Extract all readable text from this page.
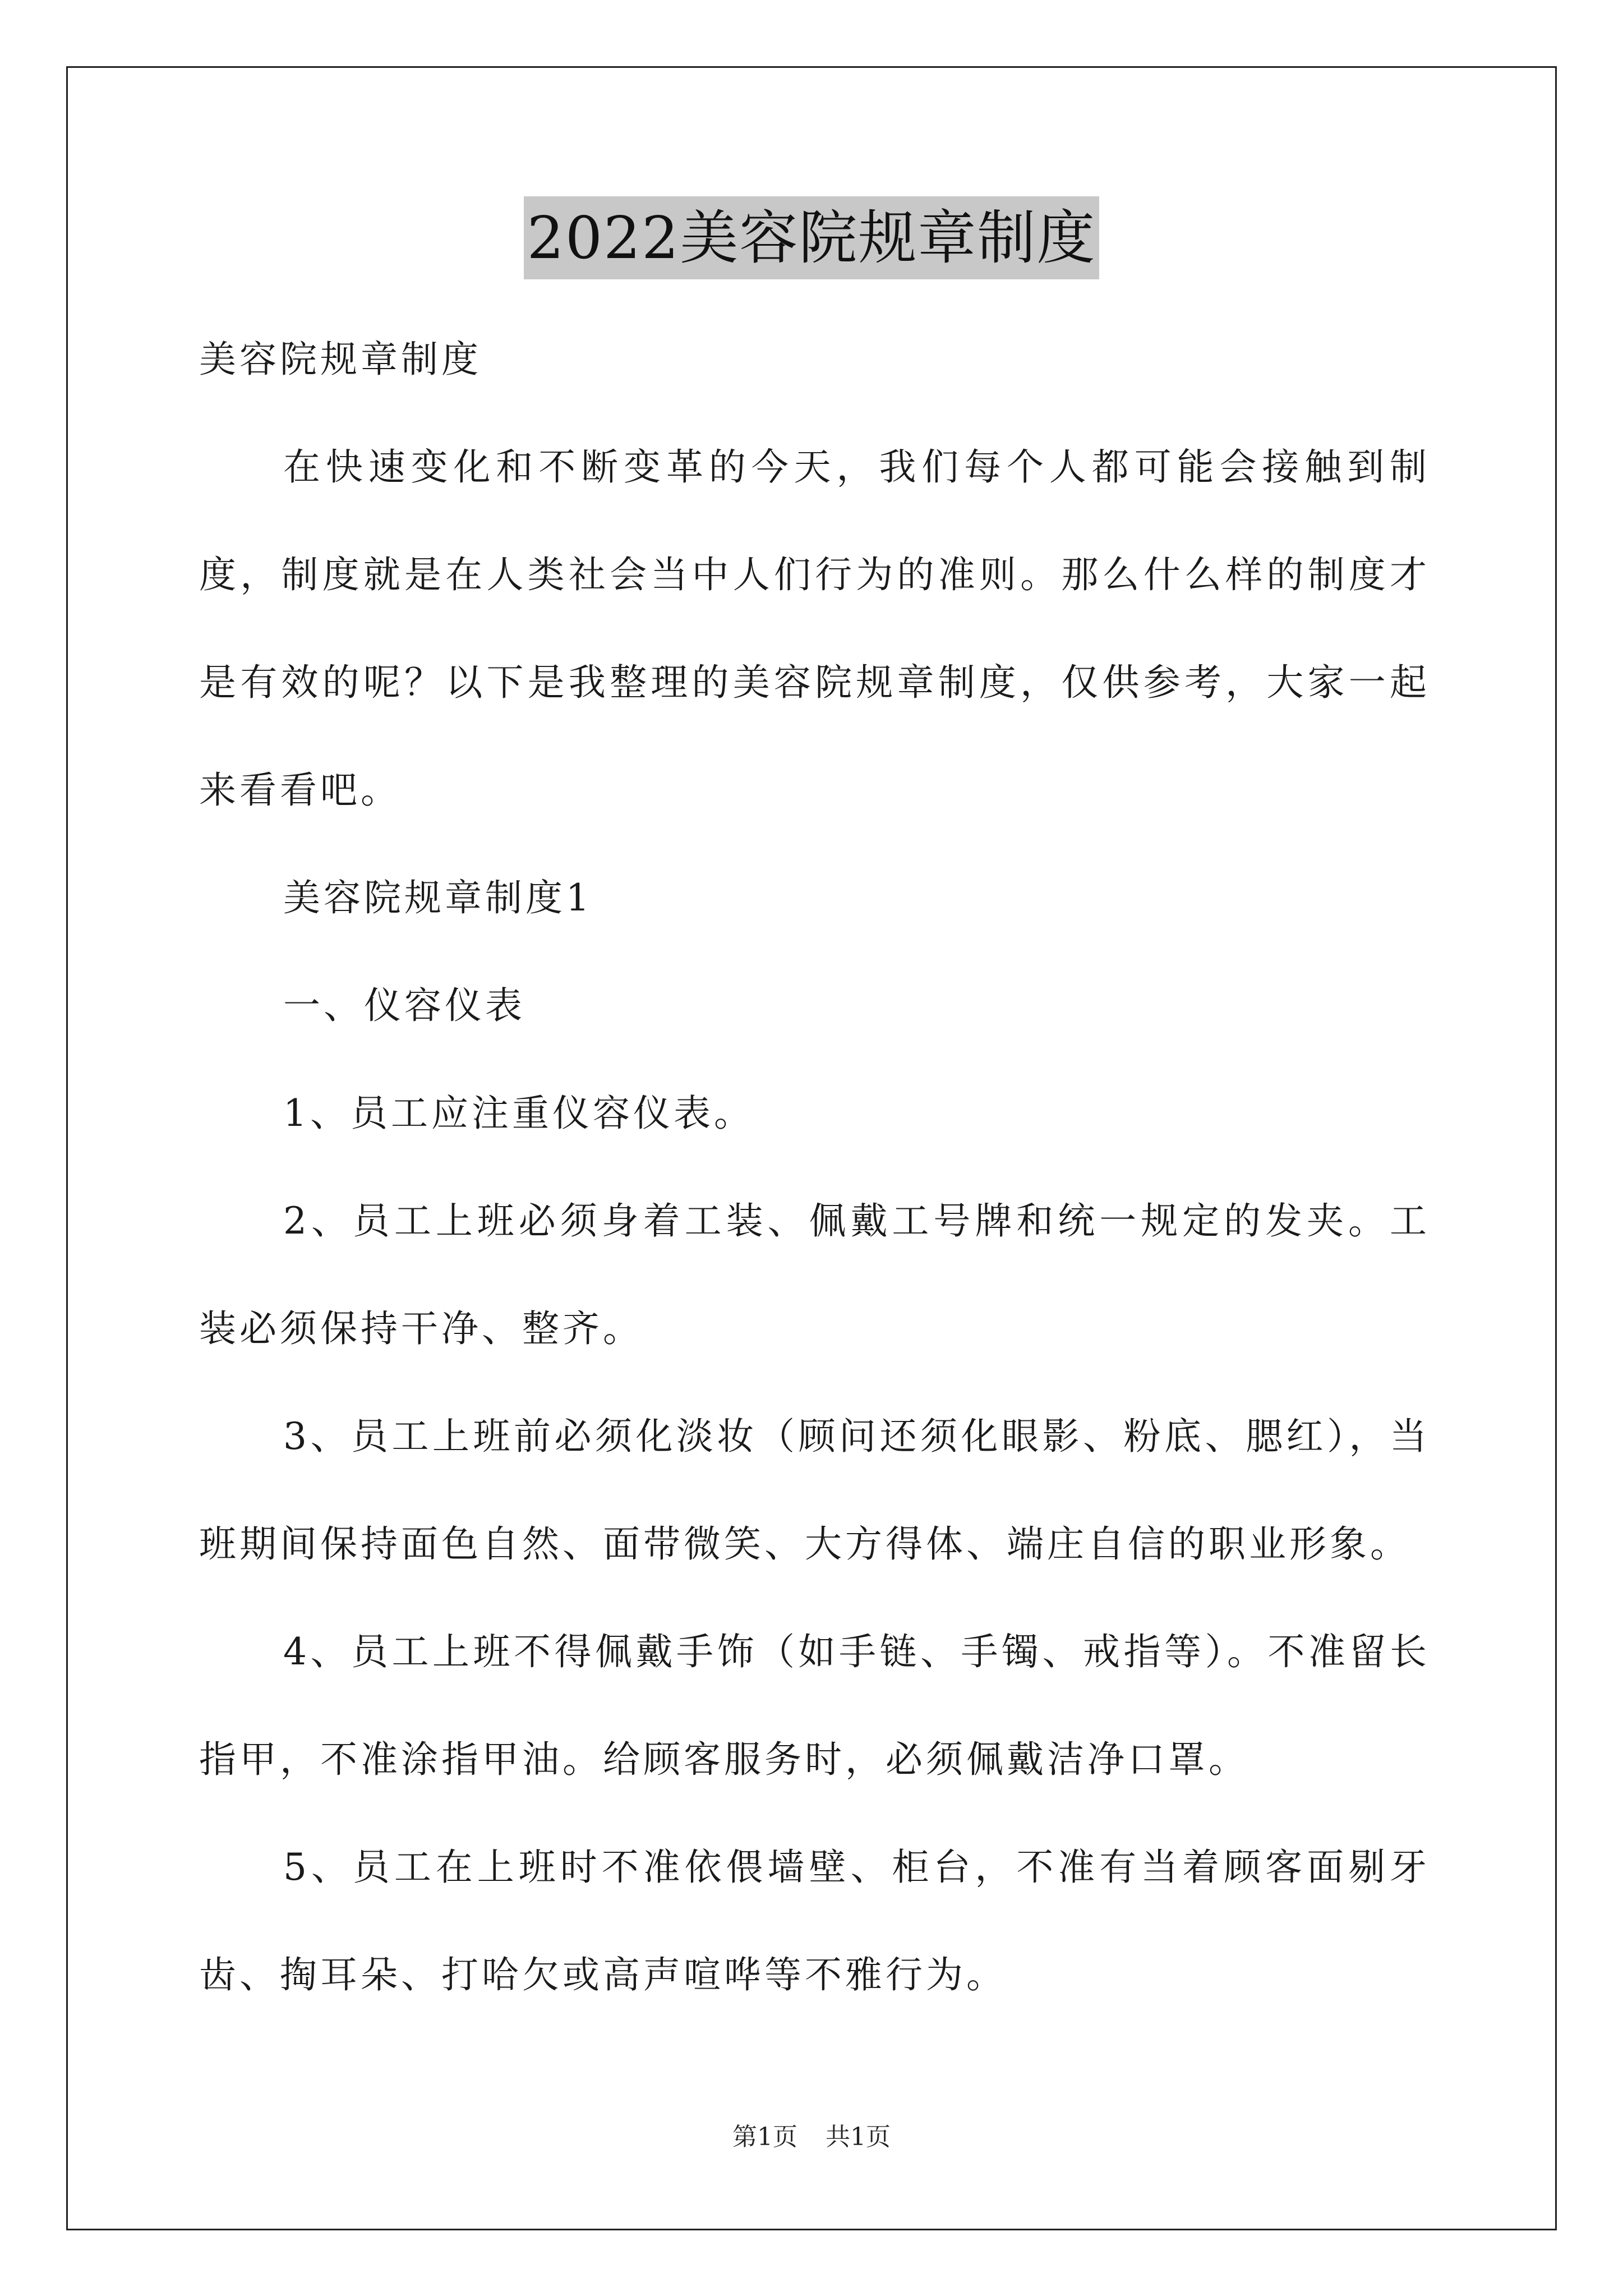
2022美容院规章制度

美容院规章制度

在快速变化和不断变革的今天，我们每个人都可能会接触到制度，制度就是在人类社会当中人们行为的准则。那么什么样的制度才是有效的呢？以下是我整理的美容院规章制度，仅供参考，大家一起来看看吧。

美容院规章制度1

一、仪容仪表

1、员工应注重仪容仪表。

2、员工上班必须身着工装、佩戴工号牌和统一规定的发夹。工装必须保持干净、整齐。

3、员工上班前必须化淡妆（顾问还须化眼影、粉底、腮红），当班期间保持面色自然、面带微笑、大方得体、端庄自信的职业形象。

4、员工上班不得佩戴手饰（如手链、手镯、戒指等）。不准留长指甲，不准涂指甲油。给顾客服务时，必须佩戴洁净口罩。

5、员工在上班时不准依偎墙壁、柜台，不准有当着顾客面剔牙齿、掏耳朵、打哈欠或高声喧哗等不雅行为。

第1页 共1页
